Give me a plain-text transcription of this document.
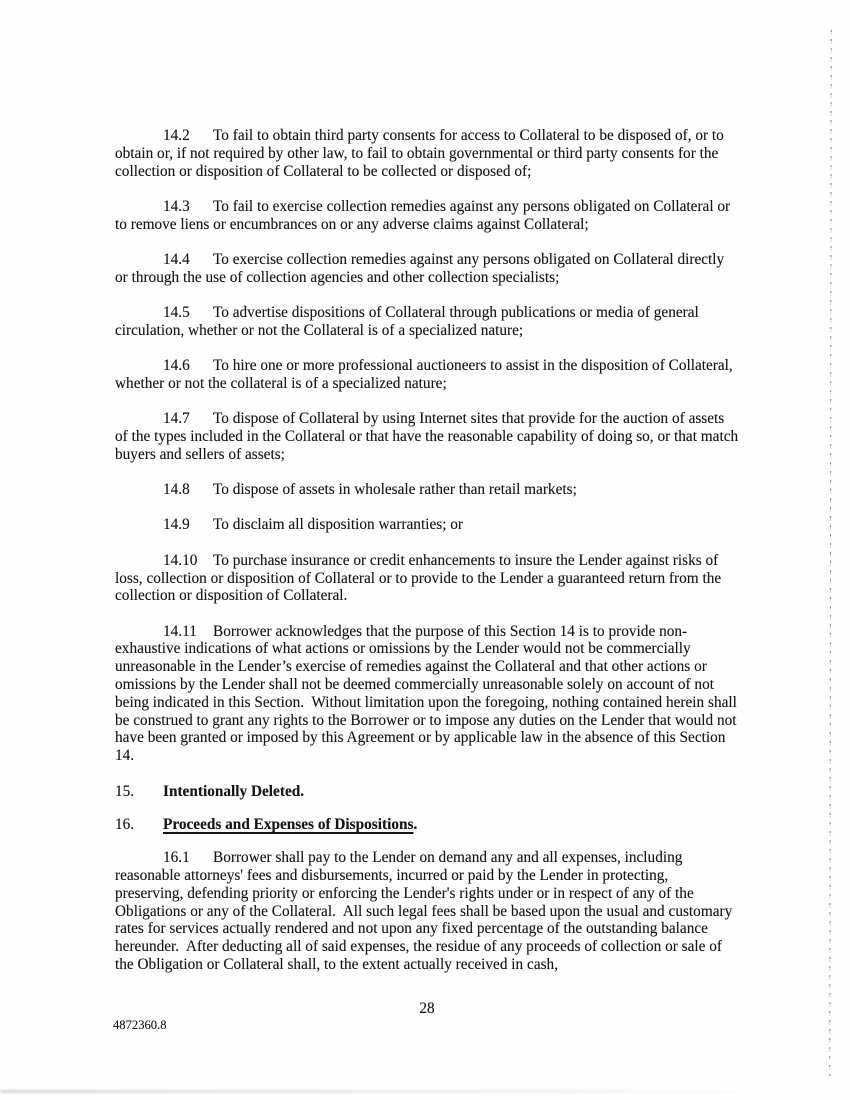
14.2 To fail to obtain third party consents for access to Collateral to be disposed of, or to obtain or, if not required by other law, to fail to obtain governmental or third party consents for the collection or disposition of Collateral to be collected or disposed of;

14.3 To fail to exercise collection remedies against any persons obligated on Collateral or to remove liens or encumbrances on or any adverse claims against Collateral;

14.4 To exercise collection remedies against any persons obligated on Collateral directly or through the use of collection agencies and other collection specialists;

14.5 To advertise dispositions of Collateral through publications or media of general circulation, whether or not the Collateral is of a specialized nature;

14.6 To hire one or more professional auctioneers to assist in the disposition of Collateral, whether or not the collateral is of a specialized nature;

14.7 To dispose of Collateral by using Internet sites that provide for the auction of assets of the types included in the Collateral or that have the reasonable capability of doing so, or that match buyers and sellers of assets;

14.8 To dispose of assets in wholesale rather than retail markets;

14.9 To disclaim all disposition warranties; or

14.10 To purchase insurance or credit enhancements to insure the Lender against risks of loss, collection or disposition of Collateral or to provide to the Lender a guaranteed return from the collection or disposition of Collateral.

14.11 Borrower acknowledges that the purpose of this Section 14 is to provide non-exhaustive indications of what actions or omissions by the Lender would not be commercially unreasonable in the Lender’s exercise of remedies against the Collateral and that other actions or omissions by the Lender shall not be deemed commercially unreasonable solely on account of not being indicated in this Section.  Without limitation upon the foregoing, nothing contained herein shall be construed to grant any rights to the Borrower or to impose any duties on the Lender that would not have been granted or imposed by this Agreement or by applicable law in the absence of this Section 14.

15. Intentionally Deleted.

16. Proceeds and Expenses of Dispositions.

16.1 Borrower shall pay to the Lender on demand any and all expenses, including reasonable attorneys' fees and disbursements, incurred or paid by the Lender in protecting, preserving, defending priority or enforcing the Lender's rights under or in respect of any of the Obligations or any of the Collateral.  All such legal fees shall be based upon the usual and customary rates for services actually rendered and not upon any fixed percentage of the outstanding balance hereunder.  After deducting all of said expenses, the residue of any proceeds of collection or sale of the Obligation or Collateral shall, to the extent actually received in cash,

28
4872360.8
